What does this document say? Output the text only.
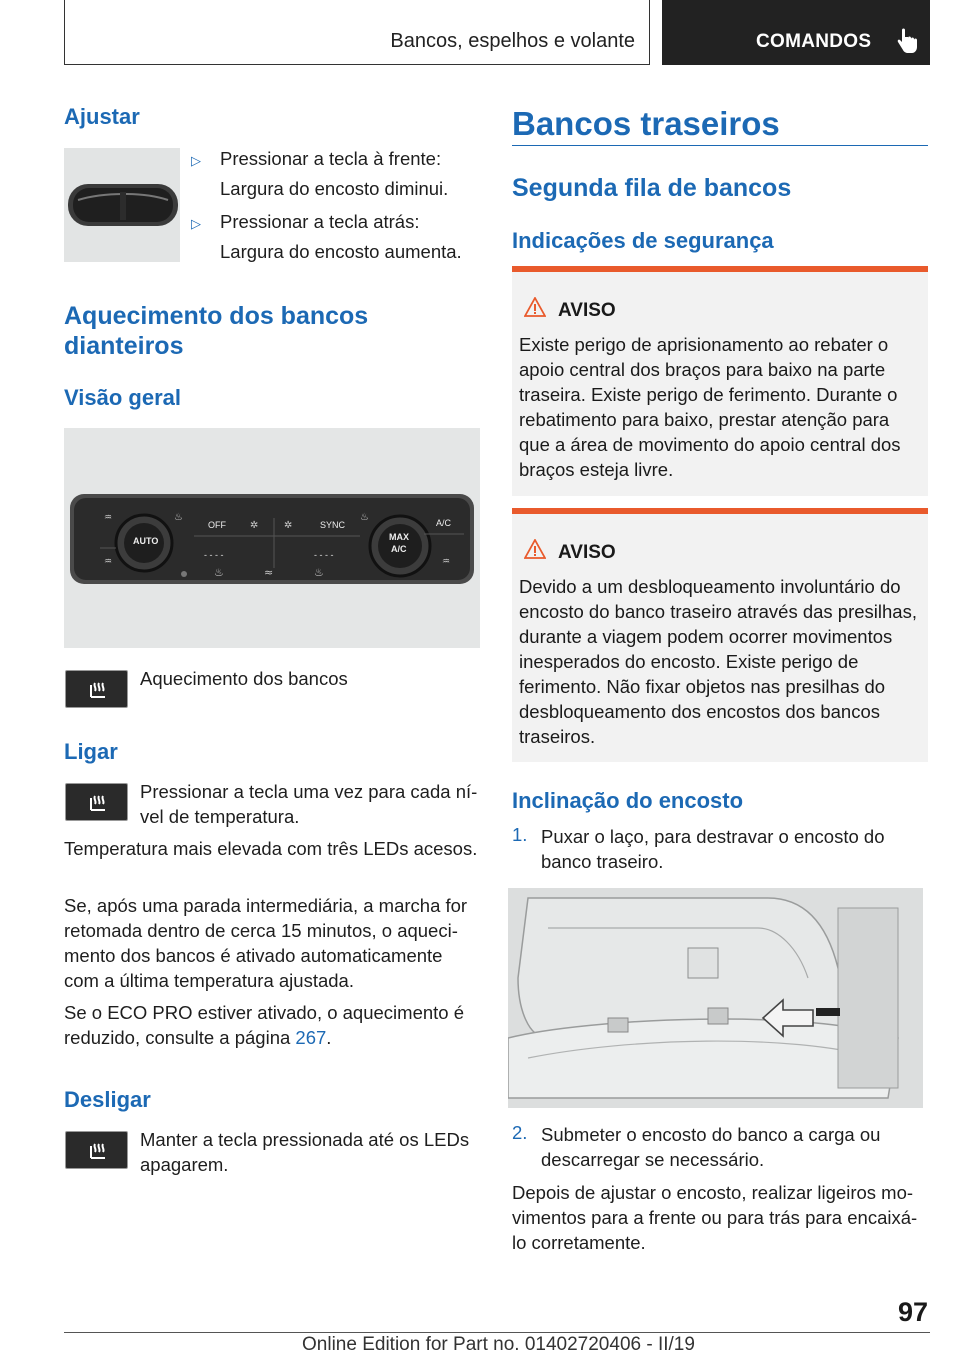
Bancos, espelhos e volante	COMANDOS
Ajustar
▷ Pressionar a tecla à frente:
Largura do encosto diminui.
▷ Pressionar a tecla atrás:
Largura do encosto aumenta.
Aquecimento dos bancos dianteiros
Visão geral
- - - -	- - - -
♨	≈	♨
✲	✲
♒
♒
♨
♨
♒
AUTO
OFF	SYNC	A/C
MAX
A/C
Aquecimento dos bancos
Ligar
Pressionar a tecla uma vez para cada nível de temperatura.
Temperatura mais elevada com três LEDs acesos.
Se, após uma parada intermediária, a marcha for retomada dentro de cerca 15 minutos, o aquecimento dos bancos é ativado automaticamente com a última temperatura ajustada.
Se o ECO PRO estiver ativado, o aquecimento é reduzido, consulte a página 267.
Desligar
Manter a tecla pressionada até os LEDs apagarem.
Bancos traseiros
Segunda fila de bancos
Indicações de segurança
AVISO
Existe perigo de aprisionamento ao rebater o apoio central dos braços para baixo na parte traseira. Existe perigo de ferimento. Durante o rebatimento para baixo, prestar atenção para que a área de movimento do apoio central dos braços esteja livre.
AVISO
Devido a um desbloqueamento involuntário do encosto do banco traseiro através das presilhas, durante a viagem podem ocorrer movimentos inesperados do encosto. Existe perigo de ferimento. Não fixar objetos nas presilhas do desbloqueamento dos encostos dos bancos traseiros.
Inclinação do encosto
1. Puxar o laço, para destravar o encosto do banco traseiro.
2. Submeter o encosto do banco a carga ou descarregar se necessário.
Depois de ajustar o encosto, realizar ligeiros movimentos para a frente ou para trás para encaixá-lo corretamente.
97
Online Edition for Part no. 01402720406 - II/19
